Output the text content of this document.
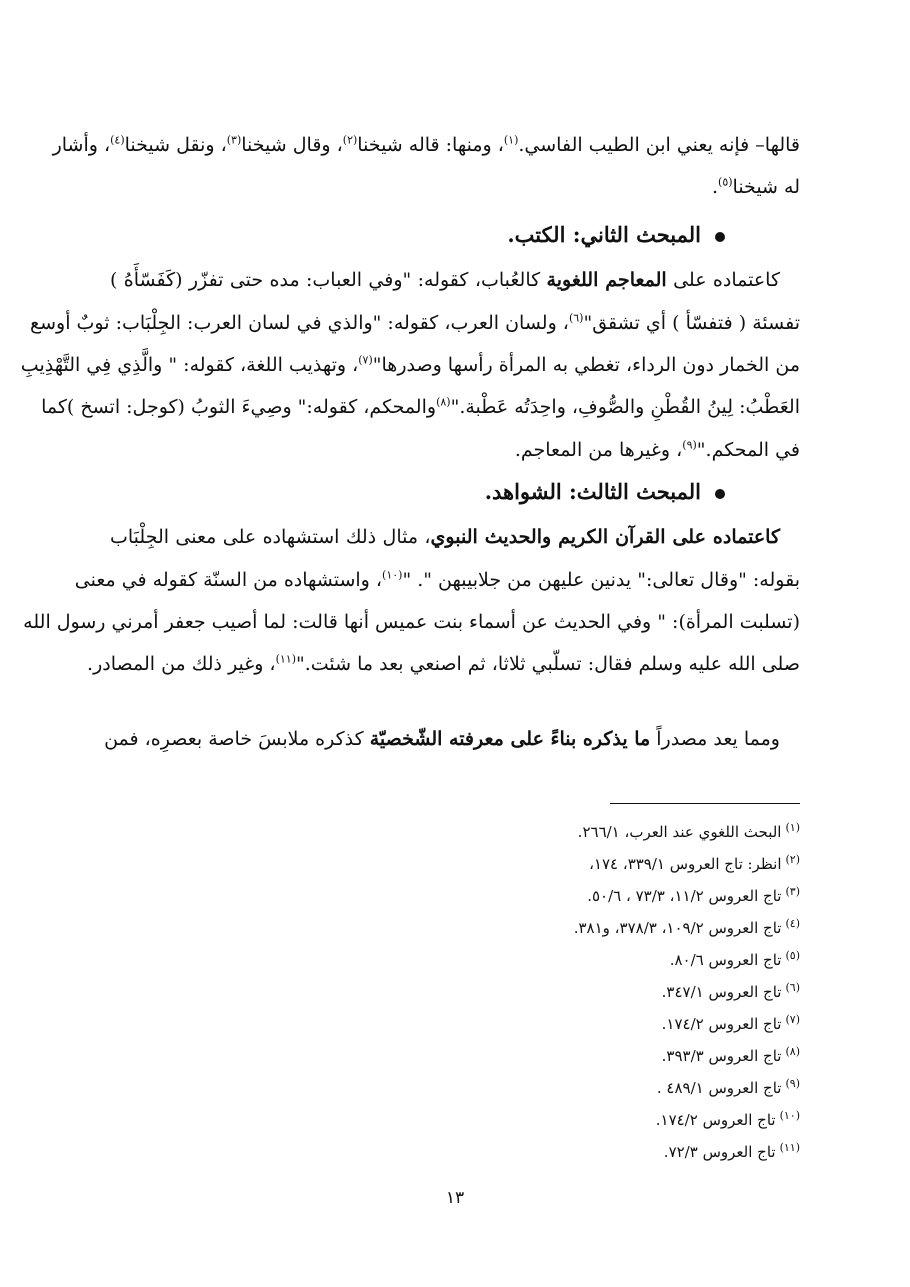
قالها– فإنه يعني ابن الطيب الفاسي.$^{(١)}$، ومنها: قاله شيخنا$^{(٢)}$، وقال شيخنا$^{(٣)}$، ونقل شيخنا$^{(٤)}$، وأشار
له شيخنا$^{(٥)}$.
المبحث الثاني: الكتب.
كاعتماده على المعاجم اللغوية كالعُباب، كقوله: "وفي العباب: مده حتى تفزّر (كَفَسّأَهُ )
تفسئة ( فتفسّأ ) أي تشقق"$^{(٦)}$، ولسان العرب، كقوله: "والذي في لسان العرب: الجِلْبَاب: ثوبٌ أوسع
من الخمار دون الرداء، تغطي به المرأة رأسها وصدرها"$^{(٧)}$، وتهذيب اللغة، كقوله: " والَّذِي فِي التَّهْذِيبِ
العَطْبُ: لِينُ القُطْنِ والصُّوفِ، واحِدَتُه عَطْبة."$^{(٨)}$والمحكم، كقوله:" وصِيءَ الثوبُ (كوجل: اتسخ )كما
في المحكم."$^{(٩)}$، وغيرها من المعاجم.
المبحث الثالث: الشواهد.
كاعتماده على القرآن الكريم والحديث النبوي، مثال ذلك استشهاده على معنى الجِلْبَاب
بقوله: "وقال تعالى:" يدنين عليهن من جلابيبهن ". "$^{(١٠)}$، واستشهاده من السنّة كقوله في معنى
(تسلبت المرأة): " وفي الحديث عن أسماء بنت عميس أنها قالت: لما أصيب جعفر أمرني رسول الله
صلى الله عليه وسلم فقال: تسلّبي ثلاثا، ثم اصنعي بعد ما شئت."$^{(١١)}$، وغير ذلك من المصادر.
ومما يعد مصدراً ما يذكره بناءً على معرفته الشّخصيّة كذكره ملابسَ خاصة بعصرِه، فمن
$^{(١)}$البحث اللغوي عند العرب، ٢٦٦/١.
$^{(٢)}$انظر: تاج العروس ٣٣٩/١، ١٧٤،
$^{(٣)}$تاج العروس ١١/٢، ٧٣/٣ ، ٥٠/٦.
$^{(٤)}$تاج العروس ١٠٩/٢، ٣٧٨/٣، و٣٨١.
$^{(٥)}$تاج العروس ٨٠/٦.
$^{(٦)}$تاج العروس ٣٤٧/١.
$^{(٧)}$تاج العروس ١٧٤/٢.
$^{(٨)}$تاج العروس ٣٩٣/٣.
$^{(٩)}$تاج العروس ٤٨٩/١ .
$^{(١٠)}$تاج العروس ١٧٤/٢.
$^{(١١)}$تاج العروس ٧٢/٣.
١٣
